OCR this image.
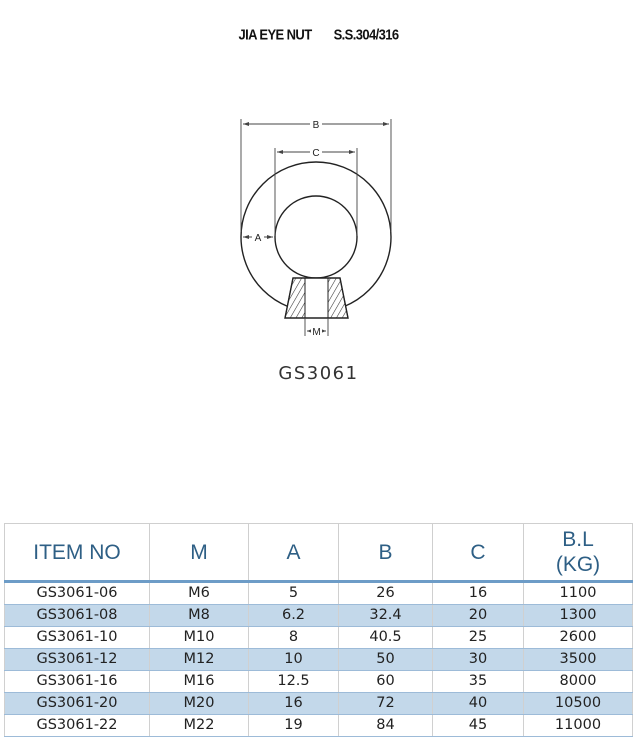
JIA EYE NUT S.S.304/316
B
C
A
M
GS3061
ITEM NO	M	A	B	C	B.L
(KG)
GS3061-06	M6	5	26	16	1100
GS3061-08	M8	6.2	32.4	20	1300
GS3061-10	M10	8	40.5	25	2600
GS3061-12	M12	10	50	30	3500
GS3061-16	M16	12.5	60	35	8000
GS3061-20	M20	16	72	40	10500
GS3061-22	M22	19	84	45	11000
